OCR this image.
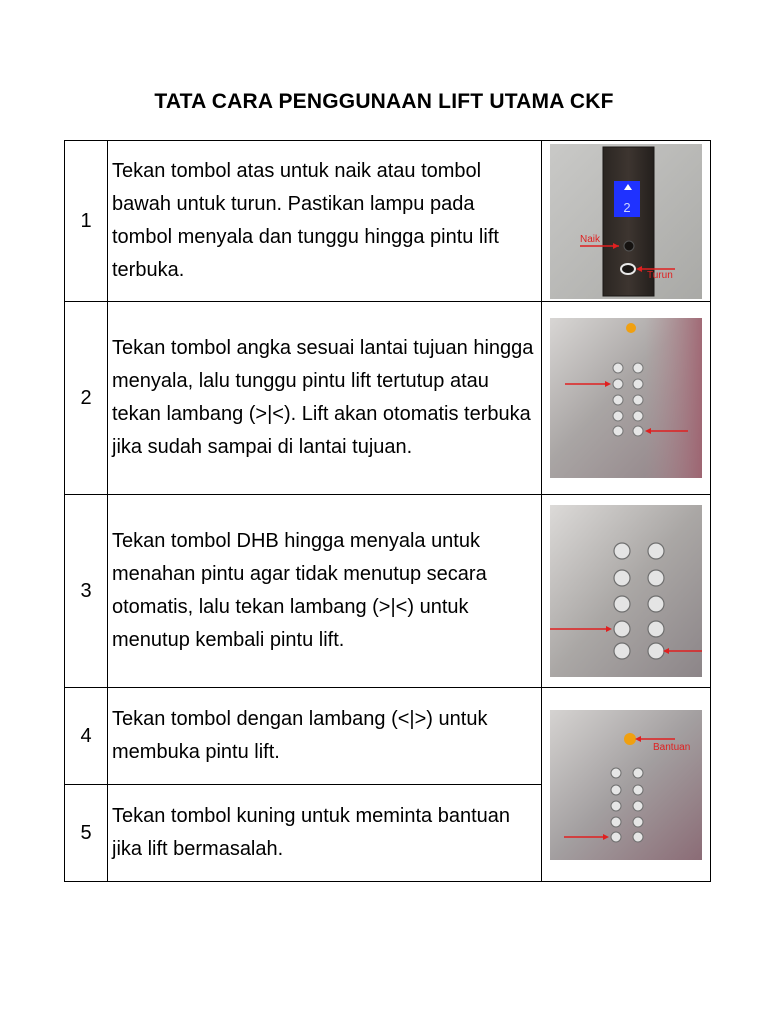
TATA CARA PENGGUNAAN LIFT UTAMA CKF
1	Tekan tombol atas untuk naik atau tombol bawah untuk turun. Pastikan lampu pada tombol menyala dan tunggu hingga pintu lift terbuka.	2
Naik
Turun

2	Tekan tombol angka sesuai lantai tujuan hingga menyala, lalu tunggu pintu lift tertutup atau tekan lambang (>|<). Lift akan otomatis terbuka jika sudah sampai di lantai tujuan.	

3	Tekan tombol DHB hingga menyala untuk menahan pintu agar tidak menutup secara otomatis, lalu tekan lambang (>|<) untuk menutup kembali pintu lift.	

4	Tekan tombol dengan lambang (<|>) untuk membuka pintu lift.	Bantuan

5	Tekan tombol kuning untuk meminta bantuan jika lift bermasalah.	
